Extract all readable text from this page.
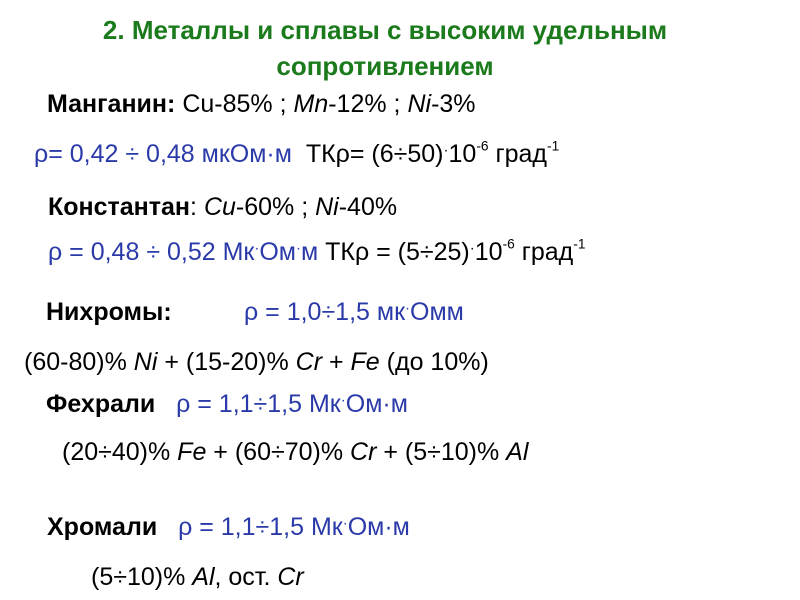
2. Металлы и сплавы с высоким удельным
сопротивлением
Манганин: Cu-85% ; Mn-12% ; Ni-3%
ρ= 0,42 ÷ 0,48 мкОм·м $ТК\rho= (6\div 50)^\cdot 10^{-6}$ град$^{-1}$
Константан: Cu-60% ; Ni-40%
ρ = 0,48 ÷ 0,52 Мк·Ом·м $ТК\rho = (5\div 25)^\cdot 10^{-6}$ град$^{-1}$
Нихромы:	ρ = 1,0÷1,5 мк·Омм
(60-80)% Ni + (15-20)% Cr + Fe (до 10%)
Фехрали ρ = 1,1÷1,5 Мк·Ом·м
(20÷40)% Fe + (60÷70)% Cr + (5÷10)% Al
Хромали ρ = 1,1÷1,5 Мк·Ом·м
(5÷10)% Al, ост. Cr
